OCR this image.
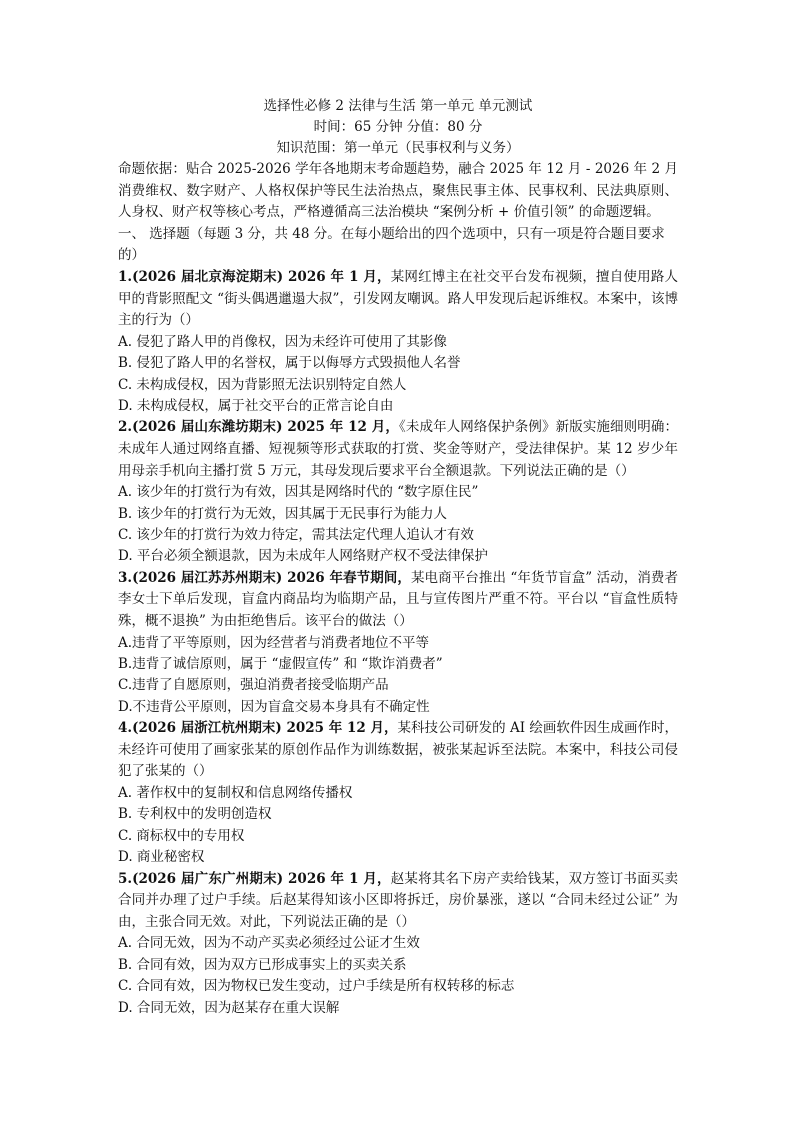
选择性必修 2 法律与生活 第一单元 单元测试
时间：65 分钟 分值：80 分
知识范围：第一单元（民事权利与义务）

命题依据：贴合 2025-2026 学年各地期末考命题趋势，融合 2025 年 12 月 - 2026 年 2 月消费维权、数字财产、人格权保护等民生法治热点，聚焦民事主体、民事权利、民法典原则、人身权、财产权等核心考点，严格遵循高三法治模块 “案例分析 + 价值引领” 的命题逻辑。

一、 选择题（每题 3 分，共 48 分。在每小题给出的四个选项中，只有一项是符合题目要求的）

1.(2026 届北京海淀期末) 2026 年 1 月，某网红博主在社交平台发布视频，擅自使用路人甲的背影照配文 “街头偶遇邋遢大叔”，引发网友嘲讽。路人甲发现后起诉维权。本案中，该博主的行为（）

A. 侵犯了路人甲的肖像权，因为未经许可使用了其影像

B. 侵犯了路人甲的名誉权，属于以侮辱方式毁损他人名誉

C. 未构成侵权，因为背影照无法识别特定自然人

D. 未构成侵权，属于社交平台的正常言论自由

2.(2026 届山东潍坊期末) 2025 年 12 月，《未成年人网络保护条例》新版实施细则明确：未成年人通过网络直播、短视频等形式获取的打赏、奖金等财产，受法律保护。某 12 岁少年用母亲手机向主播打赏 5 万元，其母发现后要求平台全额退款。下列说法正确的是（）

A. 该少年的打赏行为有效，因其是网络时代的 “数字原住民”

B. 该少年的打赏行为无效，因其属于无民事行为能力人

C. 该少年的打赏行为效力待定，需其法定代理人追认才有效

D. 平台必须全额退款，因为未成年人网络财产权不受法律保护

3.(2026 届江苏苏州期末) 2026 年春节期间，某电商平台推出 “年货节盲盒” 活动，消费者李女士下单后发现，盲盒内商品均为临期产品，且与宣传图片严重不符。平台以 “盲盒性质特殊，概不退换” 为由拒绝售后。该平台的做法（）

A.违背了平等原则，因为经营者与消费者地位不平等

B.违背了诚信原则，属于 “虚假宣传” 和 “欺诈消费者”

C.违背了自愿原则，强迫消费者接受临期产品

D.不违背公平原则，因为盲盒交易本身具有不确定性

4.(2026 届浙江杭州期末) 2025 年 12 月，某科技公司研发的 AI 绘画软件因生成画作时，未经许可使用了画家张某的原创作品作为训练数据，被张某起诉至法院。本案中，科技公司侵犯了张某的（）

A. 著作权中的复制权和信息网络传播权

B. 专利权中的发明创造权

C. 商标权中的专用权

D. 商业秘密权

5.(2026 届广东广州期末) 2026 年 1 月，赵某将其名下房产卖给钱某，双方签订书面买卖合同并办理了过户手续。后赵某得知该小区即将拆迁，房价暴涨，遂以 “合同未经过公证” 为由，主张合同无效。对此，下列说法正确的是（）

A. 合同无效，因为不动产买卖必须经过公证才生效

B. 合同有效，因为双方已形成事实上的买卖关系

C. 合同有效，因为物权已发生变动，过户手续是所有权转移的标志

D. 合同无效，因为赵某存在重大误解
